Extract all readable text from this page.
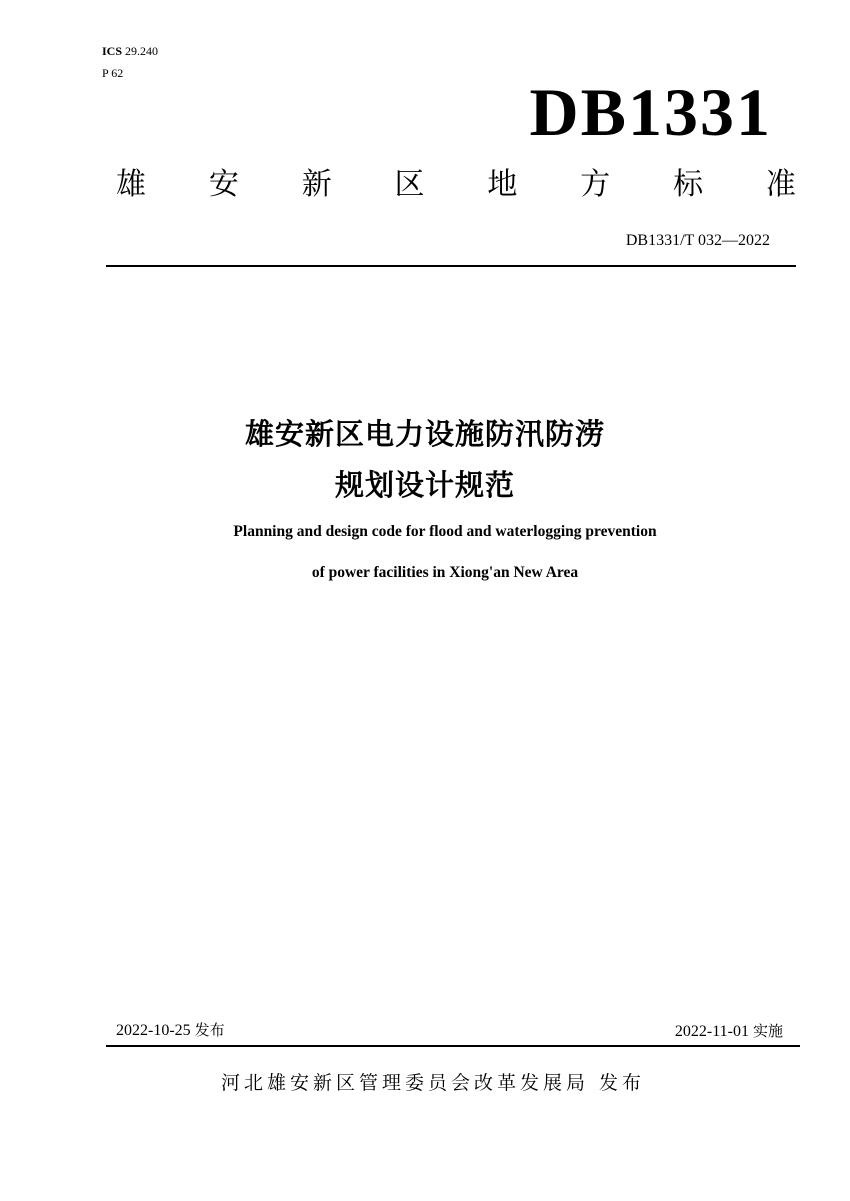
ICS 29.240
P 62
DB1331
雄 安 新 区 地 方 标 准
DB1331/T 032—2022
雄安新区电力设施防汛防涝
规划设计规范
Planning and design code for flood and waterlogging prevention
of power facilities in Xiong'an New Area
2022-10-25 发布	2022-11-01 实施
河北雄安新区管理委员会改革发展局 发布
